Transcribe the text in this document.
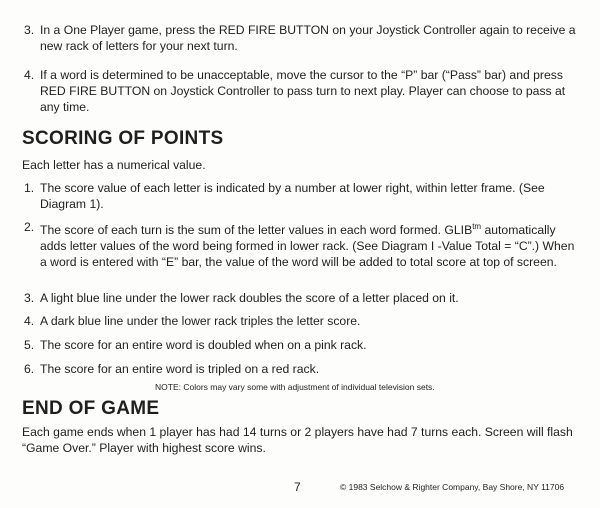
3. In a One Player game, press the RED FIRE BUTTON on your Joystick Controller again to receive a new rack of letters for your next turn.
4. If a word is determined to be unacceptable, move the cursor to the “P” bar (“Pass” bar) and press RED FIRE BUTTON on Joystick Controller to pass turn to next play. Player can choose to pass at any time.
SCORING OF POINTS
Each letter has a numerical value.
1. The score value of each letter is indicated by a number at lower right, within letter frame. (See Diagram 1).
2. The score of each turn is the sum of the letter values in each word formed. $GLIB^{tm}$ automatically adds letter values of the word being formed in lower rack. (See Diagram I -Value Total = “C”.) When a word is entered with “E” bar, the value of the word will be added to total score at top of screen.
3. A light blue line under the lower rack doubles the score of a letter placed on it.
4. A dark blue line under the lower rack triples the letter score.
5. The score for an entire word is doubled when on a pink rack.
6. The score for an entire word is tripled on a red rack.
NOTE: Colors may vary some with adjustment of individual television sets.
END OF GAME
Each game ends when 1 player has had 14 turns or 2 players have had 7 turns each. Screen will flash “Game Over.” Player with highest score wins.
7	© 1983 Selchow & Righter Company, Bay Shore, NY 11706
